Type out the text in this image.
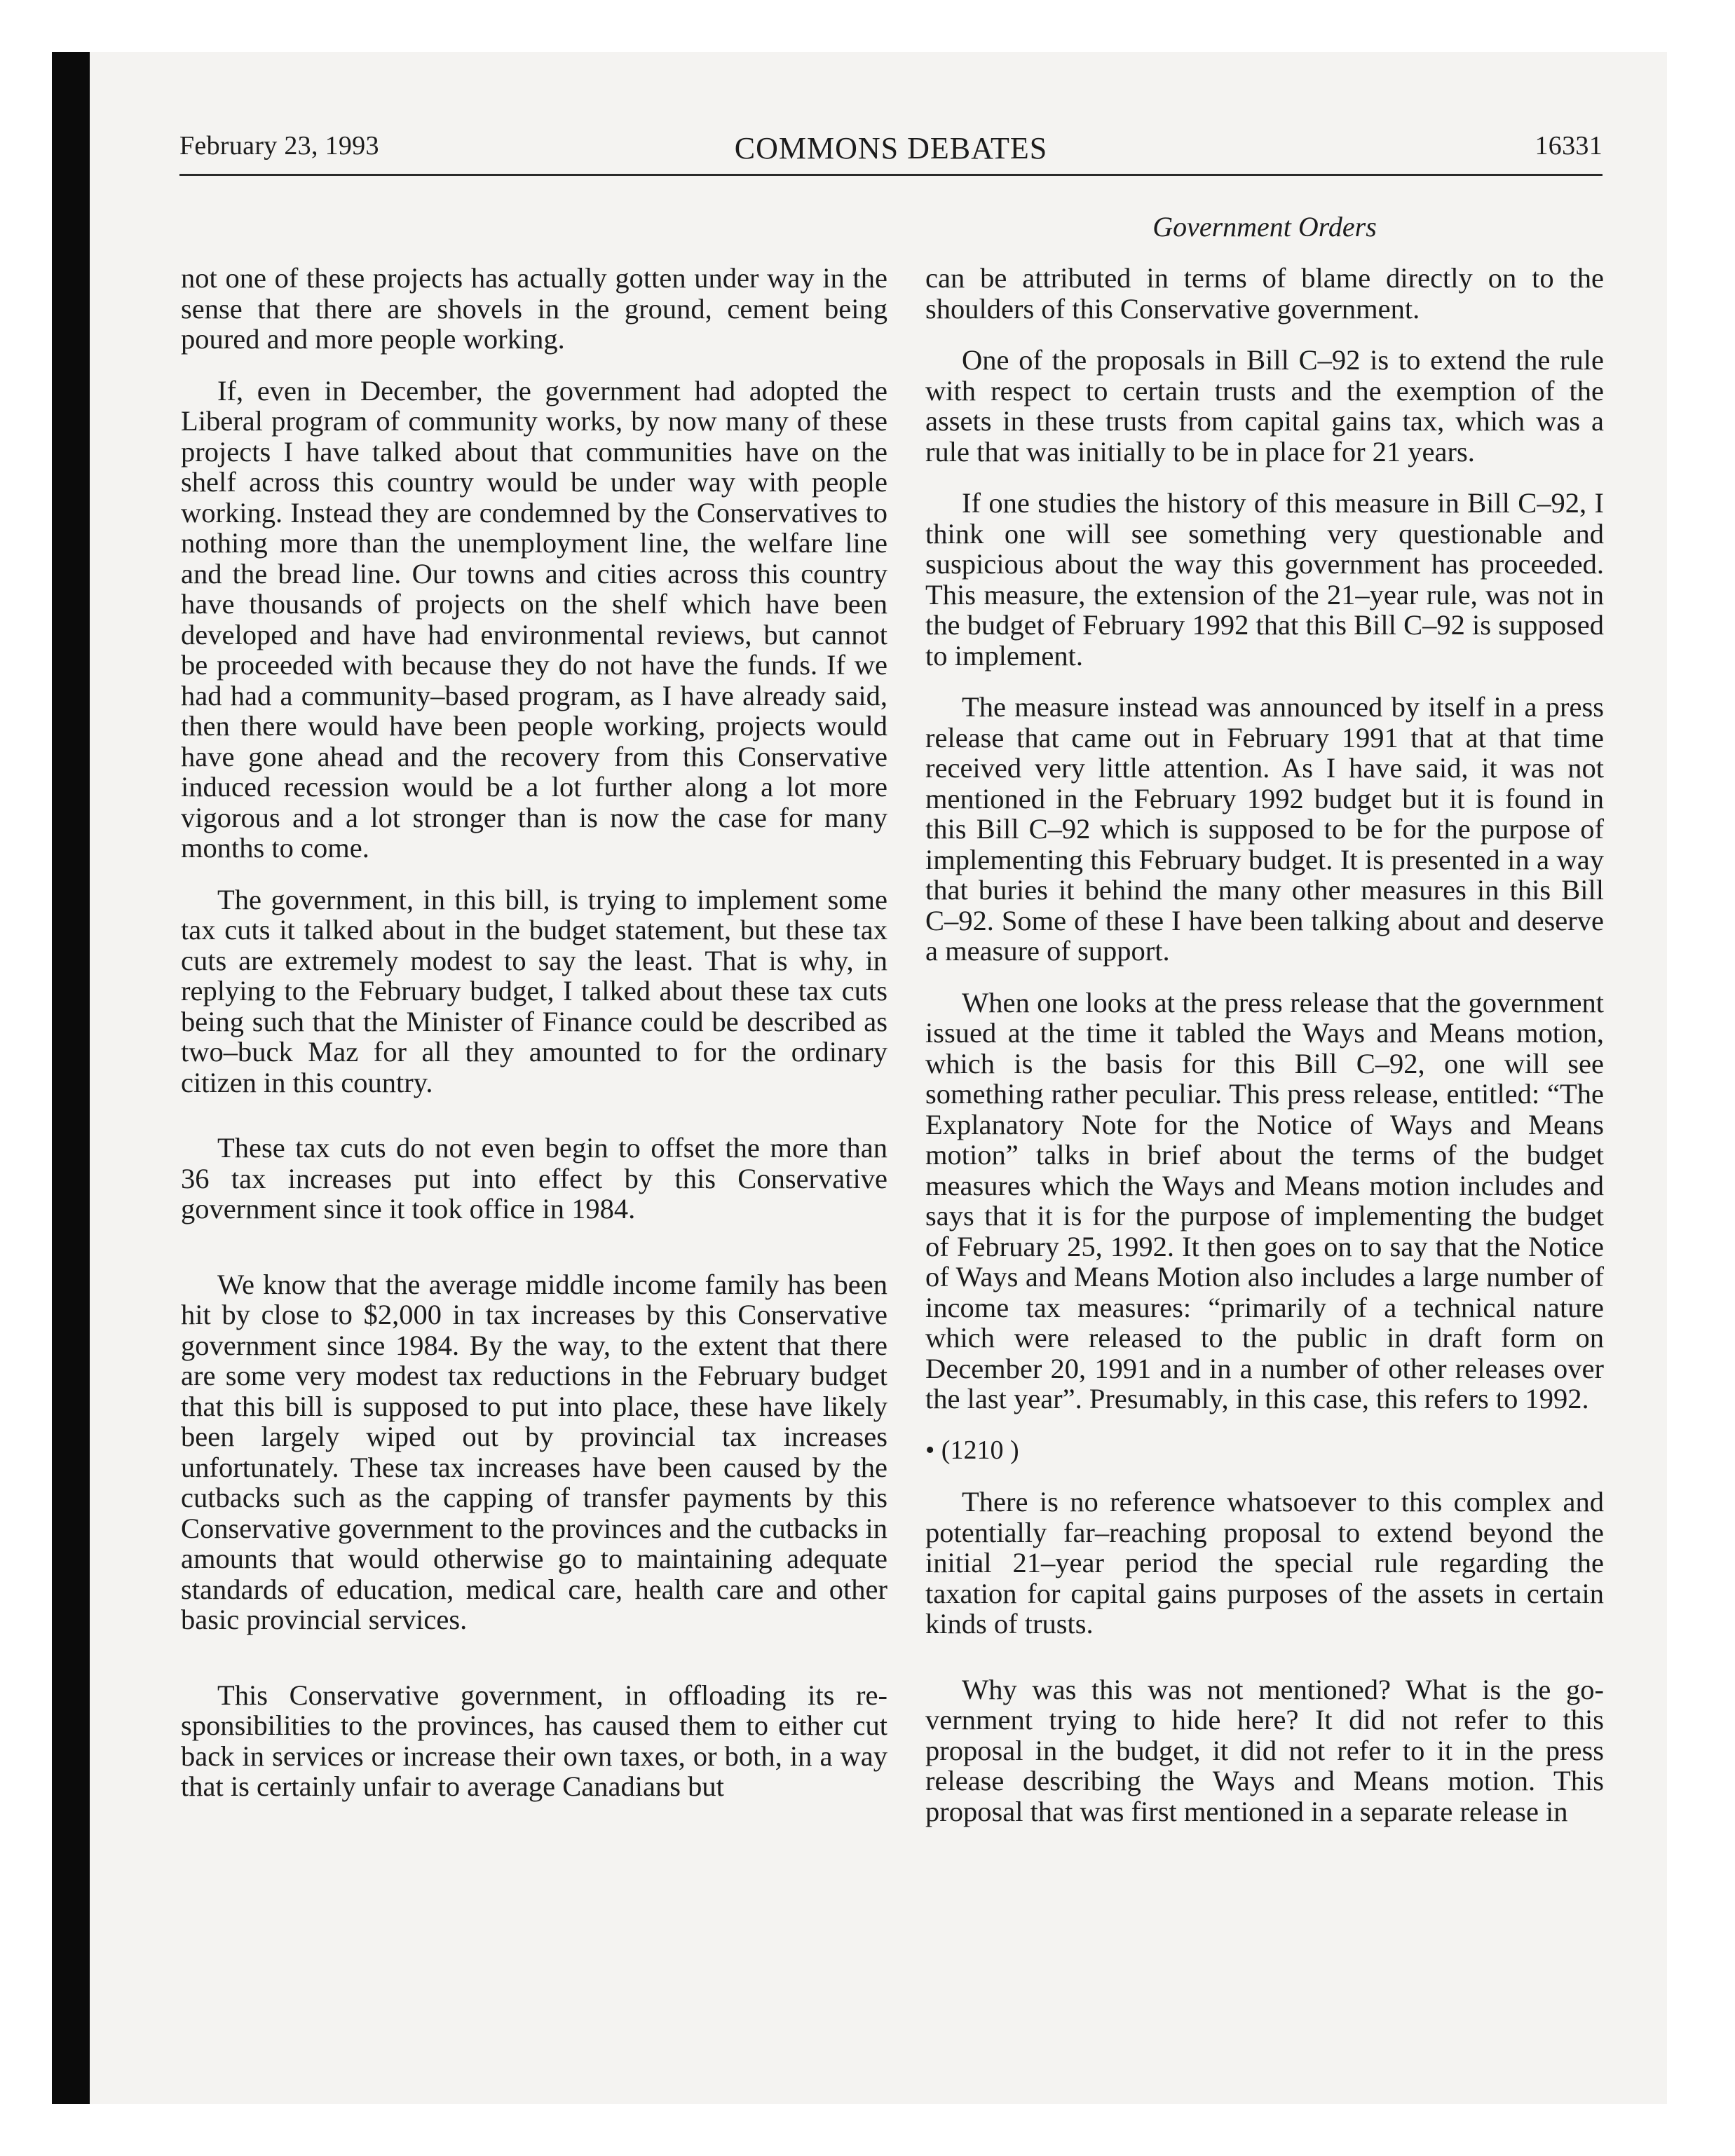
February 23, 1993	COMMONS DEBATES	16331
Government Orders

not one of these projects has actually gotten under way in the sense that there are shovels in the ground, cement being poured and more people working.

If, even in December, the government had adopted the Liberal program of community works, by now many of these projects I have talked about that communities have on the shelf across this country would be under way with people working. Instead they are condemned by the Conservatives to nothing more than the unemployment line, the welfare line and the bread line. Our towns and cities across this country have thousands of projects on the shelf which have been developed and have had environmental reviews, but cannot be proceeded with because they do not have the funds. If we had had a community–based program, as I have already said, then there would have been people working, projects would have gone ahead and the recovery from this Conservative induced recession would be a lot further along a lot more vigorous and a lot stronger than is now the case for many months to come.

The government, in this bill, is trying to implement some tax cuts it talked about in the budget statement, but these tax cuts are extremely modest to say the least. That is why, in replying to the February budget, I talked about these tax cuts being such that the Minister of Finance could be described as two–buck Maz for all they amounted to for the ordinary citizen in this country.

These tax cuts do not even begin to offset the more than 36 tax increases put into effect by this Conservative government since it took office in 1984.

We know that the average middle income family has been hit by close to $2,000 in tax increases by this Conservative government since 1984. By the way, to the extent that there are some very modest tax reductions in the February budget that this bill is supposed to put into place, these have likely been largely wiped out by provincial tax increases unfortunately. These tax increases have been caused by the cutbacks such as the capping of transfer payments by this Conservative government to the provinces and the cutbacks in amounts that would otherwise go to maintaining adequate standards of education, medical care, health care and other basic provincial services.

This Conservative government, in offloading its responsibilities to the provinces, has caused them to either cut back in services or increase their own taxes, or both, in a way that is certainly unfair to average Canadians but

can be attributed in terms of blame directly on to the shoulders of this Conservative government.

One of the proposals in Bill C–92 is to extend the rule with respect to certain trusts and the exemption of the assets in these trusts from capital gains tax, which was a rule that was initially to be in place for 21 years.

If one studies the history of this measure in Bill C–92, I think one will see something very questionable and suspicious about the way this government has proceeded. This measure, the extension of the 21–year rule, was not in the budget of February 1992 that this Bill C–92 is supposed to implement.

The measure instead was announced by itself in a press release that came out in February 1991 that at that time received very little attention. As I have said, it was not mentioned in the February 1992 budget but it is found in this Bill C–92 which is supposed to be for the purpose of implementing this February budget. It is presented in a way that buries it behind the many other measures in this Bill C–92. Some of these I have been talking about and deserve a measure of support.

When one looks at the press release that the government issued at the time it tabled the Ways and Means motion, which is the basis for this Bill C–92, one will see something rather peculiar. This press release, entitled: “The Explanatory Note for the Notice of Ways and Means motion” talks in brief about the terms of the budget measures which the Ways and Means motion includes and says that it is for the purpose of implementing the budget of February 25, 1992. It then goes on to say that the Notice of Ways and Means Motion also includes a large number of income tax measures: “primarily of a technical nature which were released to the public in draft form on December 20, 1991 and in a number of other releases over the last year”. Presumably, in this case, this refers to 1992.

• (1210 )

There is no reference whatsoever to this complex and potentially far–reaching proposal to extend beyond the initial 21–year period the special rule regarding the taxation for capital gains purposes of the assets in certain kinds of trusts.

Why was this was not mentioned? What is the government trying to hide here? It did not refer to this proposal in the budget, it did not refer to it in the press release describing the Ways and Means motion. This proposal that was first mentioned in a separate release in
